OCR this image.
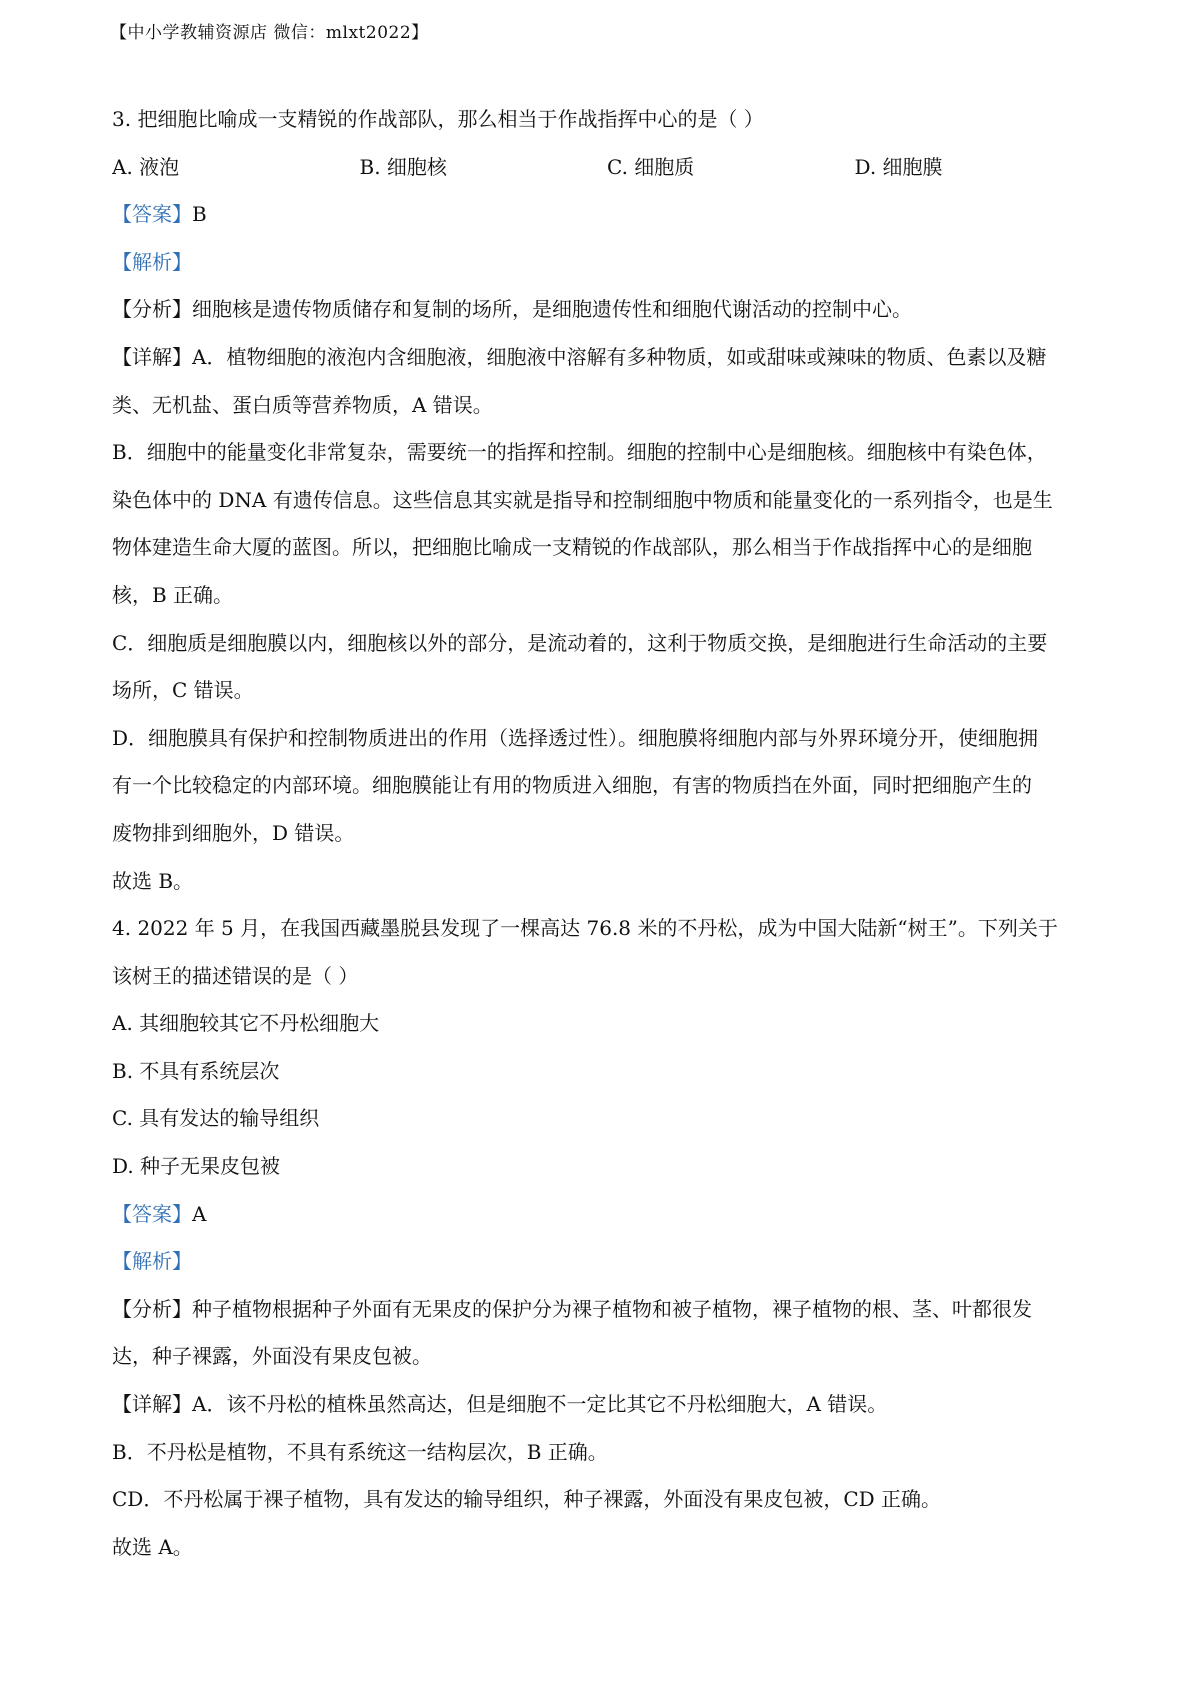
【中小学教辅资源店 微信：mlxt2022】
3. 把细胞比喻成一支精锐的作战部队，那么相当于作战指挥中心的是（ ）
A. 液泡	B. 细胞核	C. 细胞质	D. 细胞膜
【答案】B
【解析】
【分析】细胞核是遗传物质储存和复制的场所，是细胞遗传性和细胞代谢活动的控制中心。
【详解】A．植物细胞的液泡内含细胞液，细胞液中溶解有多种物质，如或甜味或辣味的物质、色素以及糖
类、无机盐、蛋白质等营养物质，A 错误。
B．细胞中的能量变化非常复杂，需要统一的指挥和控制。细胞的控制中心是细胞核。细胞核中有染色体，
染色体中的 DNA 有遗传信息。这些信息其实就是指导和控制细胞中物质和能量变化的一系列指令，也是生
物体建造生命大厦的蓝图。所以，把细胞比喻成一支精锐的作战部队，那么相当于作战指挥中心的是细胞
核，B 正确。
C．细胞质是细胞膜以内，细胞核以外的部分，是流动着的，这利于物质交换，是细胞进行生命活动的主要
场所，C 错误。
D．细胞膜具有保护和控制物质进出的作用（选择透过性）。细胞膜将细胞内部与外界环境分开，使细胞拥
有一个比较稳定的内部环境。细胞膜能让有用的物质进入细胞，有害的物质挡在外面，同时把细胞产生的
废物排到细胞外，D 错误。
故选 B。
4. 2022 年 5 月，在我国西藏墨脱县发现了一棵高达 76.8 米的不丹松，成为中国大陆新“树王”。下列关于
该树王的描述错误的是（ ）
A. 其细胞较其它不丹松细胞大
B. 不具有系统层次
C. 具有发达的输导组织
D. 种子无果皮包被
【答案】A
【解析】
【分析】种子植物根据种子外面有无果皮的保护分为裸子植物和被子植物，裸子植物的根、茎、叶都很发
达，种子裸露，外面没有果皮包被。
【详解】A．该不丹松的植株虽然高达，但是细胞不一定比其它不丹松细胞大，A 错误。
B．不丹松是植物，不具有系统这一结构层次，B 正确。
CD．不丹松属于裸子植物，具有发达的输导组织，种子裸露，外面没有果皮包被，CD 正确。
故选 A。
